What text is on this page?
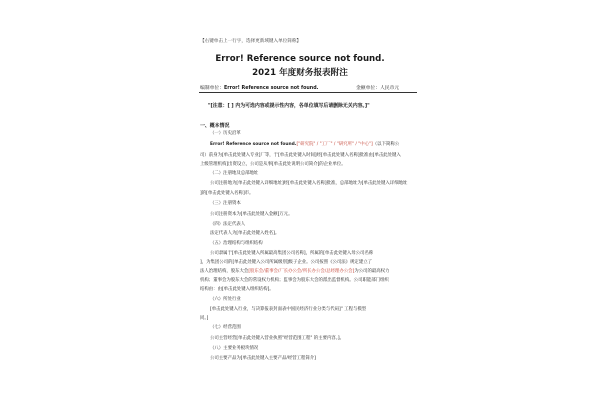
【右键单击上一行字，选择更新域键入单位简称】
Error! Reference source not found.
2021 年度财务报表附注
编制单位：Error! Reference source not found.	金额单位：人民币元
"[注意：[ ] 内为可选内容或提示性内容，各单位填写后请删除无关内容。]"
一、概本情况
（一）历史沿革
Error! Reference source not found.["研究院" / "工厂" / "研究所" / "中心"]（以下简称公
司）前身为[单击此处键入专业]厂等，于[单击此处键入时间]经[单击此处键入名称]批准由[单击此处键入
上级管理机构]出资设立，公司是从事[单击此处说明公司简介]的企业单位。
（二）注册地及总部地址
公司注册地为[单击此处键入详细地址]经[单击此处键入名称]批准，总部地址为[单击此处键入详细地址
]的[单击此处键入名称]市。
（三）注册资本
公司注册资本为[单击此处键入金额]万元。
（四）法定代表人
法定代表人为[单击此处键入姓名]。
（五）治理结构与组织结构
公司隶属于[单击此处键入所属最高集团公司名称]，所属的[单击此处键入母公司名称
]，为集团公司的[单击此处键入公司所属级别]级子企业。公司按照《公司法》规定建立了
法人治理结构，股东大会[股东会/董事会/厂长办公会/所长办公会/总经理办公会]为公司的最高权力
机构；董事会为股东大会的常设权力机构；监事会为股东大会的派出监督机构。公司职能部门组织
结构由：由[单击此处键入组织结构]。
（六）所处行业
[单击此处键入行业，与决算报表封面表中国民经济行业分类与代码]" 工程与模型
同。]
（七）经营范围
公司主营经营[单击此处键入营业执照"经营范围工程" 的主要内容。]。
（八）主要业务板块情况
公司主要产品为[单击此处键入主要产品/经营工程简介]
